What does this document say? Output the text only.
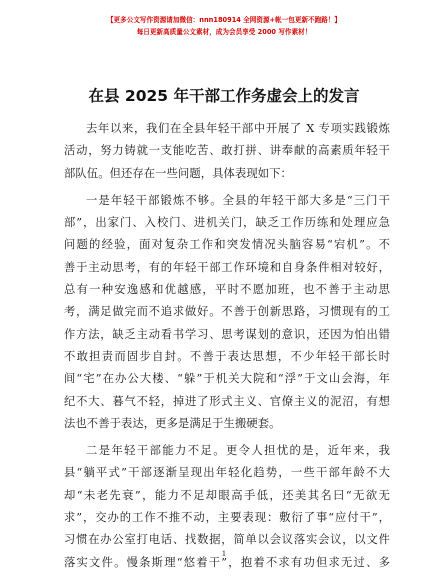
【更多公文写作资源请加微信：nnn180914 全网资源+帐一包更新不跑路！】
每日更新高质量公文素材，成为会员享受 2000 写作素材！
在县 2025 年干部工作务虚会上的发言
去年以来，我们在全县年轻干部中开展了 X 专项实践锻炼
活动，努力铸就一支能吃苦、敢打拼、讲奉献的高素质年轻干
部队伍。但还存在一些问题，具体表现如下：
一是年轻干部锻炼不够。全县的年轻干部大多是“三门干
部”，出家门、入校门、进机关门，缺乏工作历练和处理应急
问题的经验，面对复杂工作和突发情况头脑容易“宕机”。不
善于主动思考，有的年轻干部工作环境和自身条件相对较好，
总有一种安逸感和优越感，平时不愿加班，也不善于主动思
考，满足做完而不追求做好。不善于创新思路，习惯现有的工
作方法，缺乏主动看书学习、思考谋划的意识，还因为怕出错
不敢担责而固步自封。不善于表达思想，不少年轻干部长时
间“宅”在办公大楼、“躲”于机关大院和“浮”于文山会海，年
纪不大、暮气不轻，掉进了形式主义、官僚主义的泥沼，有想
法也不善于表达，更多是满足于生搬硬套。
二是年轻干部能力不足。更令人担忧的是，近年来，我
县“躺平式”干部逐渐呈现出年轻化趋势，一些干部年龄不大
却“未老先衰”，能力不足却眼高手低，还美其名曰“无欲无
求”，交办的工作不推不动，主要表现：敷衍了事“应付干”，
习惯在办公室打电话、找数据，简单以会议落实会议，以文件
落实文件。慢条斯理“悠着干”，抱着不求有功但求无过、多
1
